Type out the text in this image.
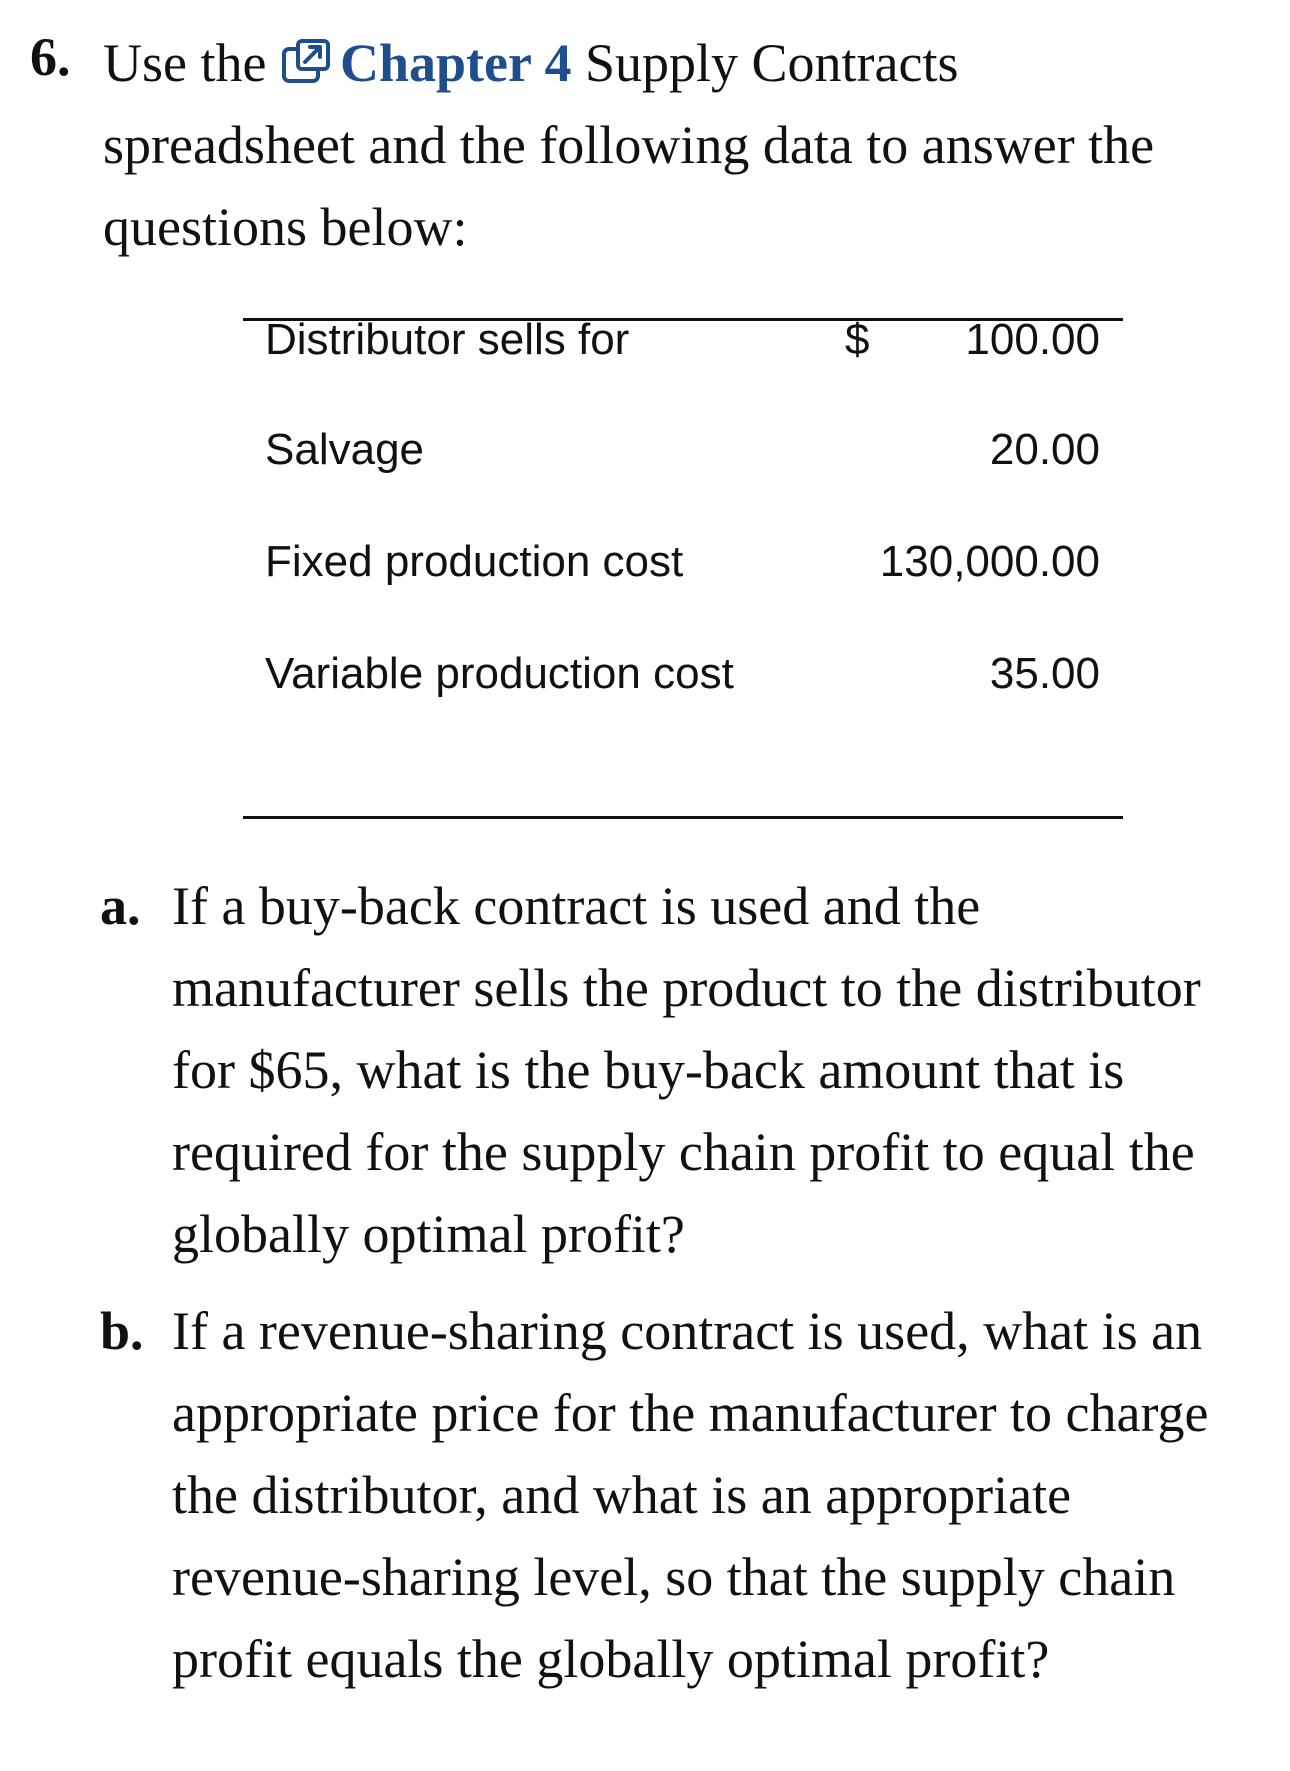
6. Use the Chapter 4 Supply Contracts spreadsheet and the following data to answer the questions below:
Distributor sells for	$ 100.00
Salvage	20.00
Fixed production cost	130,000.00
Variable production cost	35.00
a. If a buy-back contract is used and the manufacturer sells the product to the distributor for $65, what is the buy-back amount that is required for the supply chain profit to equal the globally optimal profit?
b. If a revenue-sharing contract is used, what is an appropriate price for the manufacturer to charge the distributor, and what is an appropriate revenue-sharing level, so that the supply chain profit equals the globally optimal profit?
